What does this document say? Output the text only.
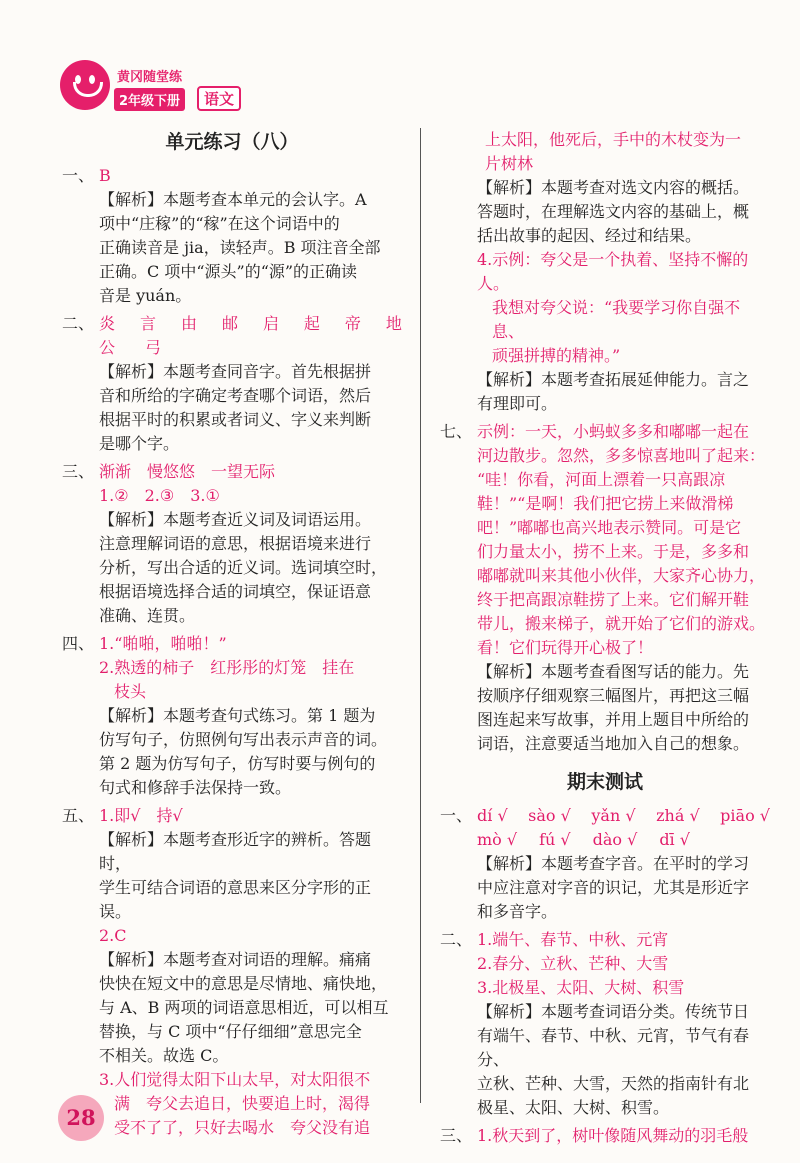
黄冈随堂练
2年级下册	语文
单元练习（八）
一、 B
【解析】本题考查本单元的会认字。A
项中“庄稼”的“稼”在这个词语中的
正确读音是 jia，读轻声。B 项注音全部
正确。C 项中“源头”的“源”的正确读
音是 yuán。
二、 炎 言 由 邮 启 起 帝 地
公 弓
【解析】本题考查同音字。首先根据拼
音和所给的字确定考查哪个词语，然后
根据平时的积累或者词义、字义来判断
是哪个字。
三、 渐渐　慢悠悠　一望无际
1.②　2.③　3.①
【解析】本题考查近义词及词语运用。
注意理解词语的意思，根据语境来进行
分析，写出合适的近义词。选词填空时，
根据语境选择合适的词填空，保证语意
准确、连贯。
四、 1.“啪啪，啪啪！”
2.熟透的柿子　红彤彤的灯笼　挂在
枝头
【解析】本题考查句式练习。第 1 题为
仿写句子，仿照例句写出表示声音的词。
第 2 题为仿写句子，仿写时要与例句的
句式和修辞手法保持一致。
五、 1.即√　持√
【解析】本题考查形近字的辨析。答题时，
学生可结合词语的意思来区分字形的正误。
2.C
【解析】本题考查对词语的理解。痛痛
快快在短文中的意思是尽情地、痛快地，
与 A、B 两项的词语意思相近，可以相互
替换，与 C 项中“仔仔细细”意思完全
不相关。故选 C。
3.人们觉得太阳下山太早，对太阳很不
满　夸父去追日，快要追上时，渴得
受不了了，只好去喝水　夸父没有追
上太阳，他死后，手中的木杖变为一
片树林
【解析】本题考查对选文内容的概括。
答题时，在理解选文内容的基础上，概
括出故事的起因、经过和结果。
4.示例：夸父是一个执着、坚持不懈的人。
我想对夸父说：“我要学习你自强不息、
顽强拼搏的精神。”
【解析】本题考查拓展延伸能力。言之
有理即可。
七、 示例：一天，小蚂蚁多多和嘟嘟一起在
河边散步。忽然，多多惊喜地叫了起来：
“哇！你看，河面上漂着一只高跟凉
鞋！”“是啊！我们把它捞上来做滑梯
吧！”嘟嘟也高兴地表示赞同。可是它
们力量太小，捞不上来。于是，多多和
嘟嘟就叫来其他小伙伴，大家齐心协力，
终于把高跟凉鞋捞了上来。它们解开鞋
带儿，搬来梯子，就开始了它们的游戏。
看！它们玩得开心极了！
【解析】本题考查看图写话的能力。先
按顺序仔细观察三幅图片，再把这三幅
图连起来写故事，并用上题目中所给的
词语，注意要适当地加入自己的想象。
期末测试
一、 dí √ sào √ yǎn √ zhá √ piāo √
mò √ fú √ dào √ dī √
【解析】本题考查字音。在平时的学习
中应注意对字音的识记，尤其是形近字
和多音字。
二、 1.端午、春节、中秋、元宵
2.春分、立秋、芒种、大雪
3.北极星、太阳、大树、积雪
【解析】本题考查词语分类。传统节日
有端午、春节、中秋、元宵，节气有春分、
立秋、芒种、大雪，天然的指南针有北
极星、太阳、大树、积雪。
三、 1.秋天到了，树叶像随风舞动的羽毛般
28
